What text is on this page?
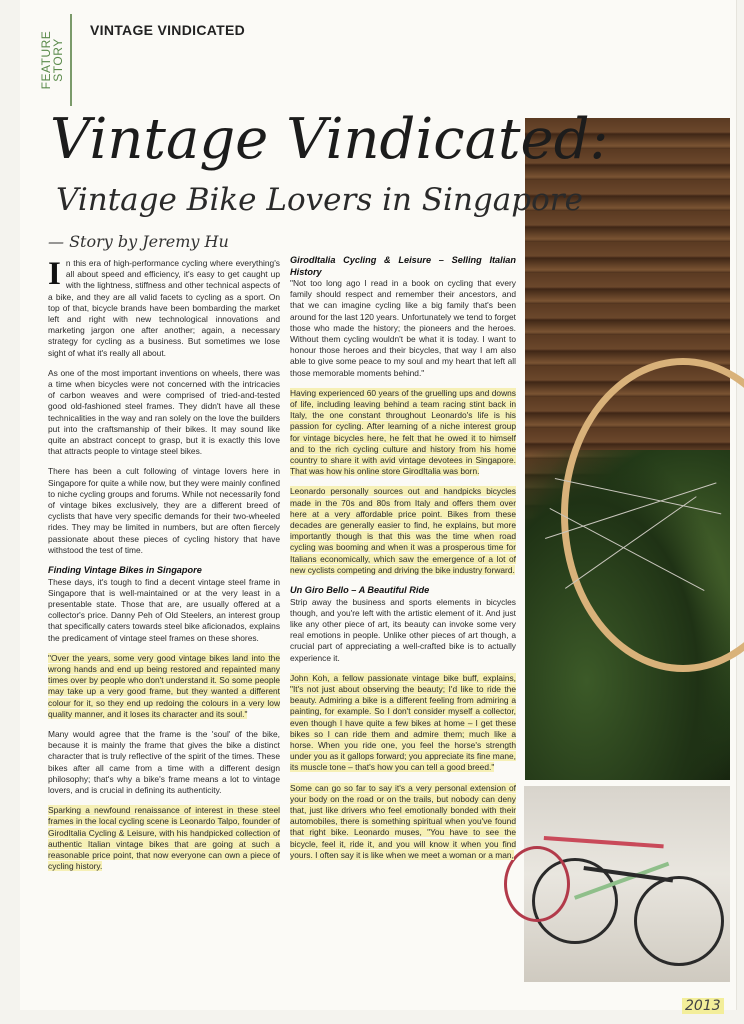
FEATURE STORY
VINTAGE VINDICATED
Vintage Vindicated:
Vintage Bike Lovers in Singapore
— Story by Jeremy Hu

In this era of high-performance cycling where everything's all about speed and efficiency, it's easy to get caught up with the lightness, stiffness and other technical aspects of a bike, and they are all valid facets to cycling as a sport. On top of that, bicycle brands have been bombarding the market left and right with new technological innovations and marketing jargon one after another; again, a necessary strategy for cycling as a business. But sometimes we lose sight of what it's really all about.

As one of the most important inventions on wheels, there was a time when bicycles were not concerned with the intricacies of carbon weaves and were comprised of tried-and-tested good old-fashioned steel frames. They didn't have all these technicalities in the way and ran solely on the love the builders put into the craftsmanship of their bikes. It may sound like quite an abstract concept to grasp, but it is exactly this love that attracts people to vintage steel bikes.

There has been a cult following of vintage lovers here in Singapore for quite a while now, but they were mainly confined to niche cycling groups and forums. While not necessarily fond of vintage bikes exclusively, they are a different breed of cyclists that have very specific demands for their two-wheeled rides. They may be limited in numbers, but are often fiercely passionate about these pieces of cycling history that have withstood the test of time.

Finding Vintage Bikes in Singapore

These days, it's tough to find a decent vintage steel frame in Singapore that is well-maintained or at the very least in a presentable state. Those that are, are usually offered at a collector's price. Danny Peh of Old Steelers, an interest group that specifically caters towards steel bike aficionados, explains the predicament of vintage steel frames on these shores.

"Over the years, some very good vintage bikes land into the wrong hands and end up being restored and repainted many times over by people who don't understand it. So some people may take up a very good frame, but they wanted a different colour for it, so they end up redoing the colours in a very low quality manner, and it loses its character and its soul."

Many would agree that the frame is the 'soul' of the bike, because it is mainly the frame that gives the bike a distinct character that is truly reflective of the spirit of the times. These bikes after all came from a time with a different design philosophy; that's why a bike's frame means a lot to vintage lovers, and is crucial in defining its authenticity.

Sparking a newfound renaissance of interest in these steel frames in the local cycling scene is Leonardo Talpo, founder of GirodItalia Cycling & Leisure, with his handpicked collection of authentic Italian vintage bikes that are going at such a reasonable price point, that now everyone can own a piece of cycling history.

GirodItalia Cycling & Leisure – Selling Italian History

"Not too long ago I read in a book on cycling that every family should respect and remember their ancestors, and that we can imagine cycling like a big family that's been around for the last 120 years. Unfortunately we tend to forget those who made the history; the pioneers and the heroes. Without them cycling wouldn't be what it is today. I want to honour those heroes and their bicycles, that way I am also able to give some peace to my soul and my heart that left all those memorable moments behind."

Having experienced 60 years of the gruelling ups and downs of life, including leaving behind a team racing stint back in Italy, the one constant throughout Leonardo's life is his passion for cycling. After learning of a niche interest group for vintage bicycles here, he felt that he owed it to himself and to the rich cycling culture and history from his home country to share it with avid vintage devotees in Singapore. That was how his online store GirodItalia was born.

Leonardo personally sources out and handpicks bicycles made in the 70s and 80s from Italy and offers them over here at a very affordable price point. Bikes from these decades are generally easier to find, he explains, but more importantly though is that this was the time when road cycling was booming and when it was a prosperous time for Italians economically, which saw the emergence of a lot of new cyclists competing and driving the bike industry forward.

Un Giro Bello – A Beautiful Ride

Strip away the business and sports elements in bicycles though, and you're left with the artistic element of it. And just like any other piece of art, its beauty can invoke some very real emotions in people. Unlike other pieces of art though, a crucial part of appreciating a well-crafted bike is to actually experience it.

John Koh, a fellow passionate vintage bike buff, explains, "It's not just about observing the beauty; I'd like to ride the beauty. Admiring a bike is a different feeling from admiring a painting, for example. So I don't consider myself a collector, even though I have quite a few bikes at home – I get these bikes so I can ride them and admire them; much like a horse. When you ride one, you feel the horse's strength under you as it gallops forward; you appreciate its fine mane, its muscle tone – that's how you can tell a good breed."

Some can go so far to say it's a very personal extension of your body on the road or on the trails, but nobody can deny that, just like drivers who feel emotionally bonded with their automobiles, there is something spiritual when you've found that right bike. Leonardo muses, "You have to see the bicycle, feel it, ride it, and you will know it when you find yours. I often say it is like when we meet a woman or a man,

2013
